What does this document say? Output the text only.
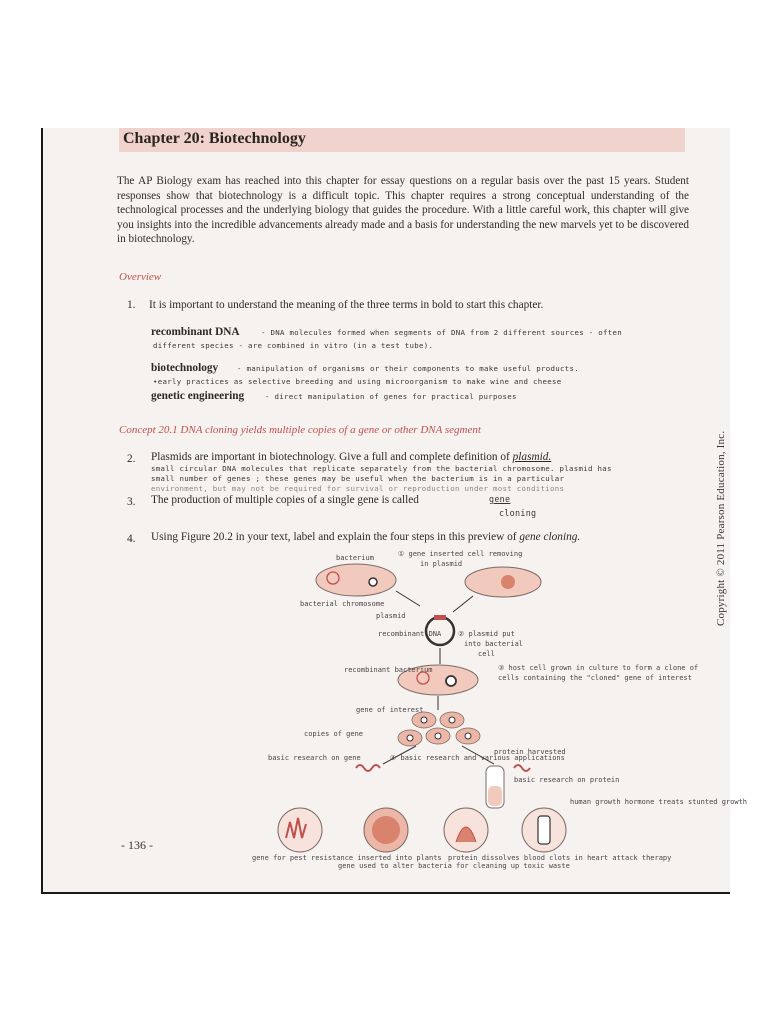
Chapter 20: Biotechnology

The AP Biology exam has reached into this chapter for essay questions on a regular basis over the past 15 years. Student responses show that biotechnology is a difficult topic. This chapter requires a strong conceptual understanding of the technological processes and the underlying biology that guides the procedure. With a little careful work, this chapter will give you insights into the incredible advancements already made and a basis for understanding the new marvels yet to be discovered in biotechnology.

Overview

1. It is important to understand the meaning of the three terms in bold to start this chapter.
recombinant DNA	- DNA molecules formed when segments of DNA from 2 different sources - often
different species - are combined in vitro (in a test tube).
biotechnology	- manipulation of organisms or their components to make useful products.
•early practices as selective breeding and using microorganism to make wine and cheese
genetic engineering	- direct manipulation of genes for practical purposes

Concept 20.1 DNA cloning yields multiple copies of a gene or other DNA segment

2. Plasmids are important in biotechnology. Give a full and complete definition of plasmid.
small circular DNA molecules that replicate separately from the bacterial chromosome. plasmid has
small number of genes ; these genes may be useful when the bacterium is in a particular
environment, but may not be required for survival or reproduction under most conditions
3. The production of multiple copies of a single gene is called	gene
cloning
4. Using Figure 20.2 in your text, label and explain the four steps in this preview of gene cloning.
bacterium	① gene inserted cell removing
in plasmid
bacterial chromosome
plasmid
recombinant DNA ② plasmid put
into bacterial
cell
recombinant bacterium	③ host cell grown in culture to form a clone of
cells containing the "cloned" gene of interest
gene of interest
copies of gene
basic research on gene	④ basic research and various applications
protein harvested
basic research on protein
human growth hormone treats stunted growth
gene for pest resistance inserted into plants
gene used to alter bacteria for cleaning up toxic waste
protein dissolves blood clots in heart attack therapy
Copyright © 2011 Pearson Education, Inc.
- 136 -
